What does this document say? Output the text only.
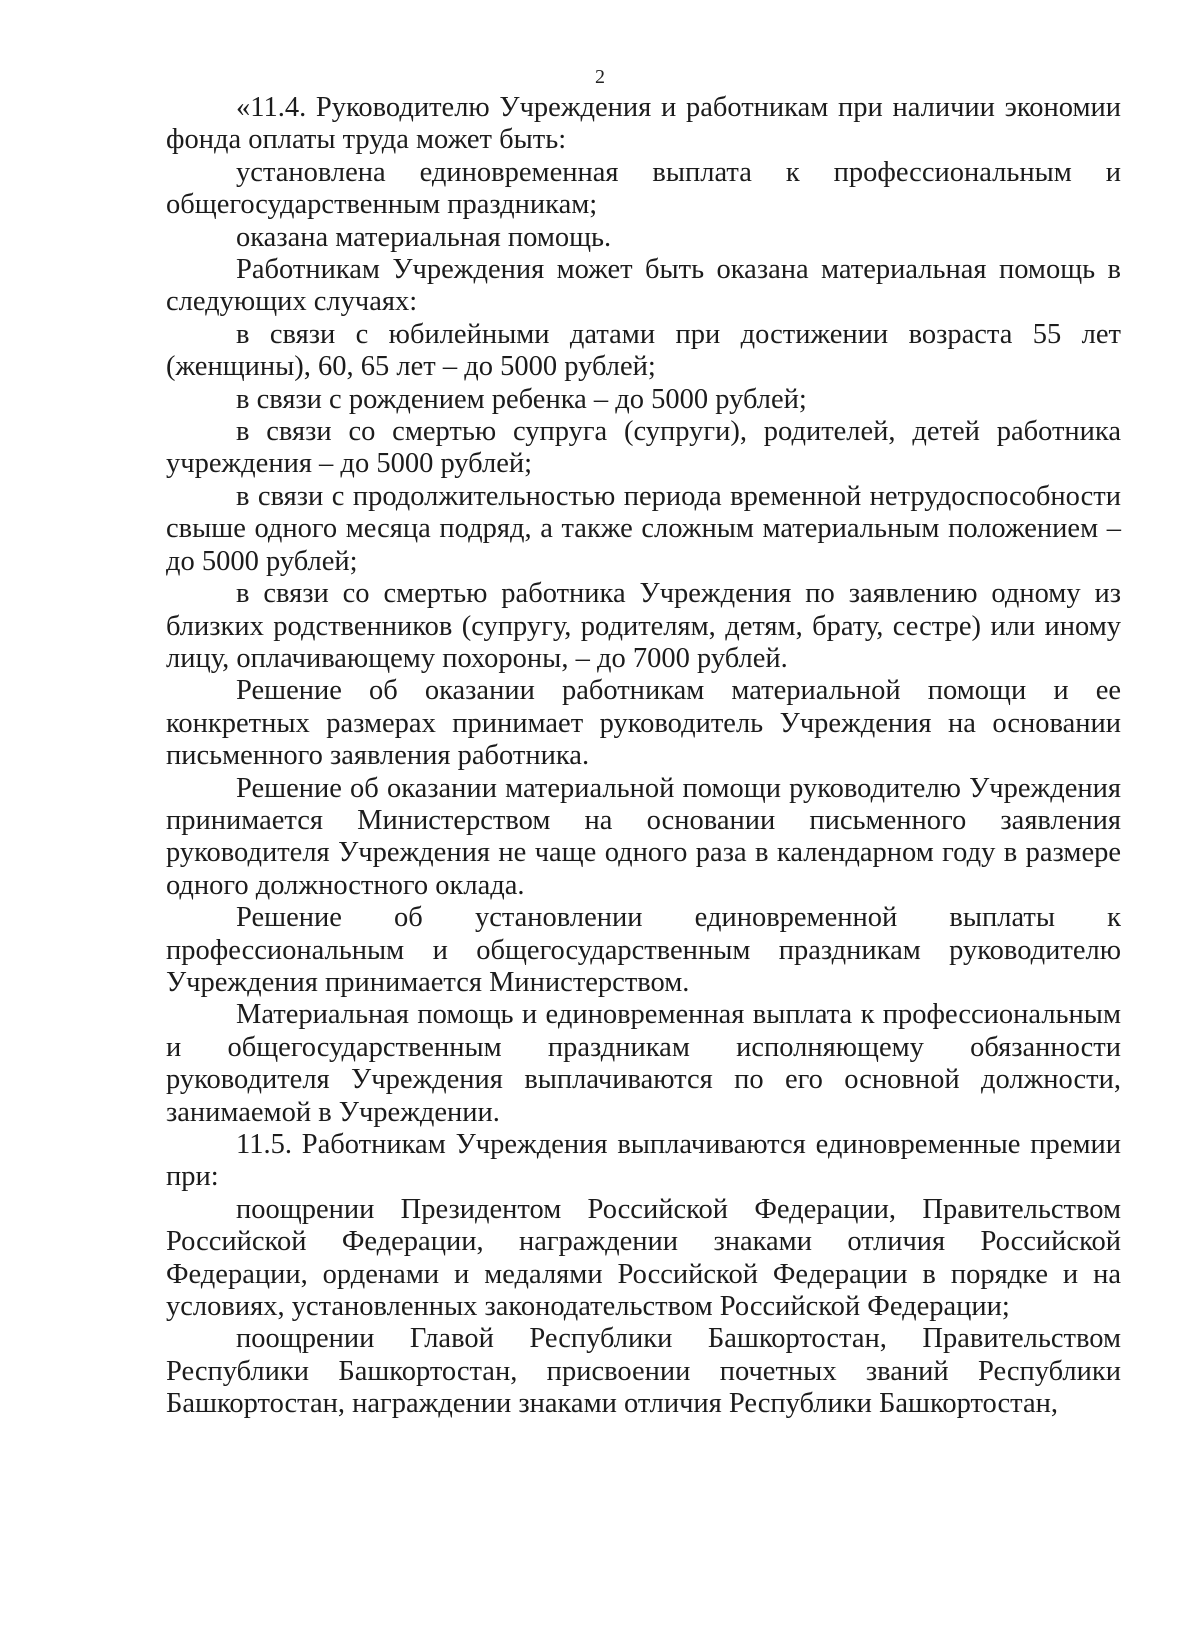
2

«11.4. Руководителю Учреждения и работникам при наличии экономии фонда оплаты труда может быть:

установлена единовременная выплата к профессиональным и общегосударственным праздникам;

оказана материальная помощь.

Работникам Учреждения может быть оказана материальная помощь в следующих случаях:

в связи с юбилейными датами при достижении возраста 55 лет (женщины), 60, 65 лет – до 5000 рублей;

в связи с рождением ребенка – до 5000 рублей;

в связи со смертью супруга (супруги), родителей, детей работника учреждения – до 5000 рублей;

в связи с продолжительностью периода временной нетрудоспособности свыше одного месяца подряд, а также сложным материальным положением – до 5000 рублей;

в связи со смертью работника Учреждения по заявлению одному из близких родственников (супругу, родителям, детям, брату, сестре) или иному лицу, оплачивающему похороны, – до 7000 рублей.

Решение об оказании работникам материальной помощи и ее конкретных размерах принимает руководитель Учреждения на основании письменного заявления работника.

Решение об оказании материальной помощи руководителю Учреждения принимается Министерством на основании письменного заявления руководителя Учреждения не чаще одного раза в календарном году в размере одного должностного оклада.

Решение об установлении единовременной выплаты к профессиональным и общегосударственным праздникам руководителю Учреждения принимается Министерством.

Материальная помощь и единовременная выплата к профессиональным и общегосударственным праздникам исполняющему обязанности руководителя Учреждения выплачиваются по его основной должности, занимаемой в Учреждении.

11.5. Работникам Учреждения выплачиваются единовременные премии при:

поощрении Президентом Российской Федерации, Правительством Российской Федерации, награждении знаками отличия Российской Федерации, орденами и медалями Российской Федерации в порядке и на условиях, установленных законодательством Российской Федерации;

поощрении Главой Республики Башкортостан, Правительством Республики Башкортостан, присвоении почетных званий Республики Башкортостан, награждении знаками отличия Республики Башкортостан,
